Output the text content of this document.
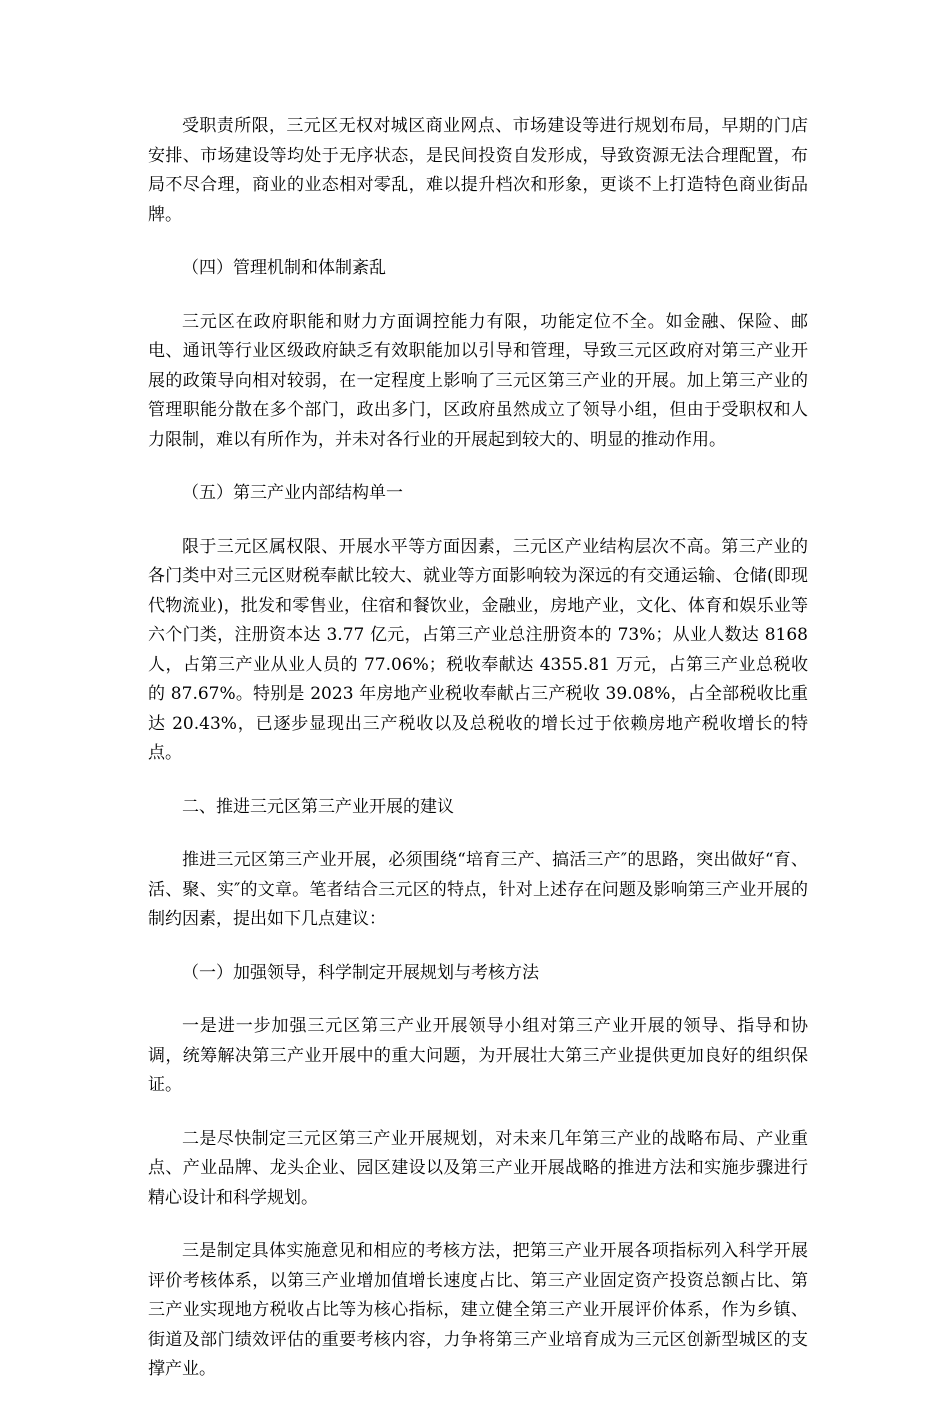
受职责所限，三元区无权对城区商业网点、市场建设等进行规划布局，早期的门店安排、市场建设等均处于无序状态，是民间投资自发形成，导致资源无法合理配置，布局不尽合理，商业的业态相对零乱，难以提升档次和形象，更谈不上打造特色商业街品牌。

（四）管理机制和体制紊乱

三元区在政府职能和财力方面调控能力有限，功能定位不全。如金融、保险、邮电、通讯等行业区级政府缺乏有效职能加以引导和管理，导致三元区政府对第三产业开展的政策导向相对较弱，在一定程度上影响了三元区第三产业的开展。加上第三产业的管理职能分散在多个部门，政出多门，区政府虽然成立了领导小组，但由于受职权和人力限制，难以有所作为，并未对各行业的开展起到较大的、明显的推动作用。

（五）第三产业内部结构单一

限于三元区属权限、开展水平等方面因素，三元区产业结构层次不高。第三产业的各门类中对三元区财税奉献比较大、就业等方面影响较为深远的有交通运输、仓储(即现代物流业)，批发和零售业，住宿和餐饮业，金融业，房地产业，文化、体育和娱乐业等六个门类，注册资本达 3.77 亿元，占第三产业总注册资本的 73%；从业人数达 8168 人，占第三产业从业人员的 77.06%；税收奉献达 4355.81 万元，占第三产业总税收的 87.67%。特别是 2023 年房地产业税收奉献占三产税收 39.08%，占全部税收比重达 20.43%，已逐步显现出三产税收以及总税收的增长过于依赖房地产税收增长的特点。

二、推进三元区第三产业开展的建议

推进三元区第三产业开展，必须围绕“培育三产、搞活三产″的思路，突出做好“育、活、聚、实″的文章。笔者结合三元区的特点，针对上述存在问题及影响第三产业开展的制约因素，提出如下几点建议：

（一）加强领导，科学制定开展规划与考核方法

一是进一步加强三元区第三产业开展领导小组对第三产业开展的领导、指导和协调，统筹解决第三产业开展中的重大问题，为开展壮大第三产业提供更加良好的组织保证。

二是尽快制定三元区第三产业开展规划，对未来几年第三产业的战略布局、产业重点、产业品牌、龙头企业、园区建设以及第三产业开展战略的推进方法和实施步骤进行精心设计和科学规划。

三是制定具体实施意见和相应的考核方法，把第三产业开展各项指标列入科学开展评价考核体系，以第三产业增加值增长速度占比、第三产业固定资产投资总额占比、第三产业实现地方税收占比等为核心指标，建立健全第三产业开展评价体系，作为乡镇、街道及部门绩效评估的重要考核内容，力争将第三产业培育成为三元区创新型城区的支撑产业。
